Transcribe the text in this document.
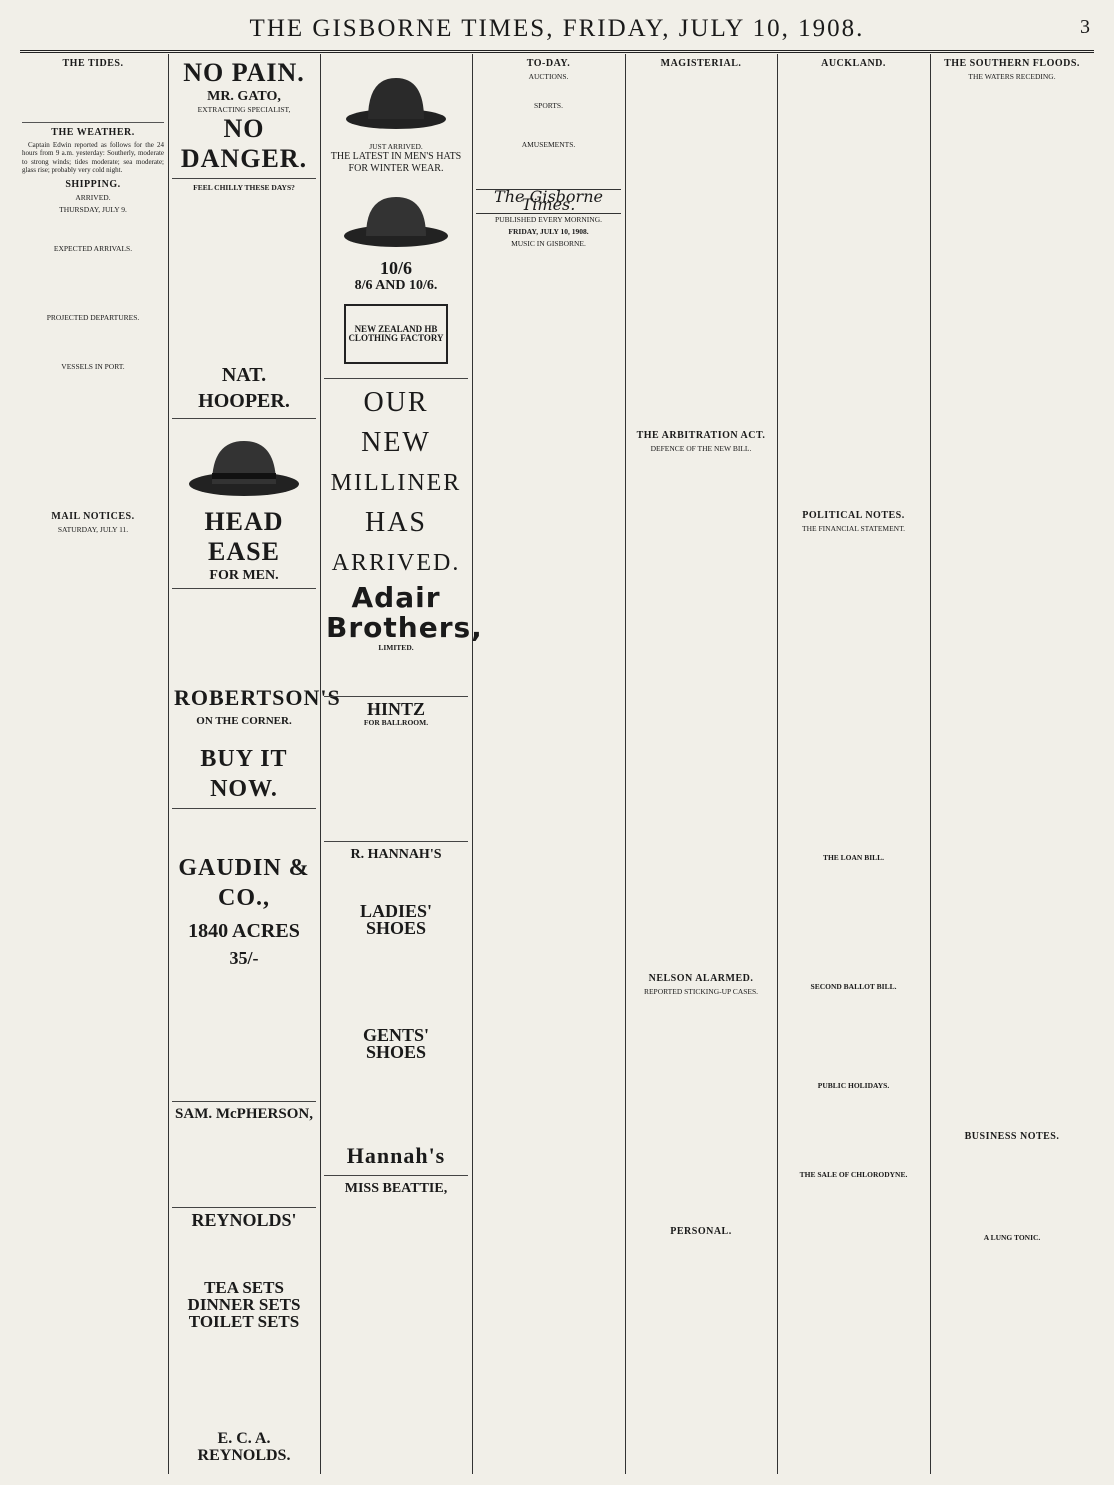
THE GISBORNE TIMES, FRIDAY, JULY 10, 1908.	3
THE TIDES.
THE WEATHER.

Captain Edwin reported as follows for the 24 hours from 9 a.m. yesterday: Southerly, moderate to strong winds; tides moderate; sea moderate; glass rise; probably very cold night.

SHIPPING.
ARRIVED.
THURSDAY, JULY 9.
EXPECTED ARRIVALS.
PROJECTED DEPARTURES.
VESSELS IN PORT.
MAIL NOTICES.
SATURDAY, JULY 11.
NO PAIN.
MR. GATO,
EXTRACTING SPECIALIST,
NO DANGER.
FEEL CHILLY THESE DAYS?
NAT. HOOPER.
HEAD EASE
FOR MEN.
ROBERTSON'S
ON THE CORNER.
BUY IT NOW.
GAUDIN & CO.,
1840 ACRES
35/-
SAM. McPHERSON,
REYNOLDS'
TEA SETS
DINNER SETS
TOILET SETS
E. C. A. REYNOLDS.
JUST ARRIVED.
THE LATEST IN MEN'S HATS FOR WINTER WEAR.
10/6
8/6 AND 10/6.
NEW ZEALAND HB CLOTHING FACTORY
OUR
NEW
MILLINER
HAS
ARRIVED.
Adair
Brothers,
LIMITED.
HINTZ
FOR BALLROOM.
R. HANNAH'S
LADIES'
SHOES
GENTS'
SHOES
Hannah's
MISS BEATTIE,
TO-DAY.
AUCTIONS.
SPORTS.
AMUSEMENTS.
The Gisborne Times.
PUBLISHED EVERY MORNING.
FRIDAY, JULY 10, 1908.
MUSIC IN GISBORNE.
MAGISTERIAL.
THE ARBITRATION ACT.
DEFENCE OF THE NEW BILL.
NELSON ALARMED.
REPORTED STICKING-UP CASES.
PERSONAL.
AUCKLAND.
POLITICAL NOTES.
THE FINANCIAL STATEMENT.
THE LOAN BILL.
SECOND BALLOT BILL.
PUBLIC HOLIDAYS.
THE SALE OF CHLORODYNE.
THE SOUTHERN FLOODS.
THE WATERS RECEDING.
BUSINESS NOTES.
A LUNG TONIC.
